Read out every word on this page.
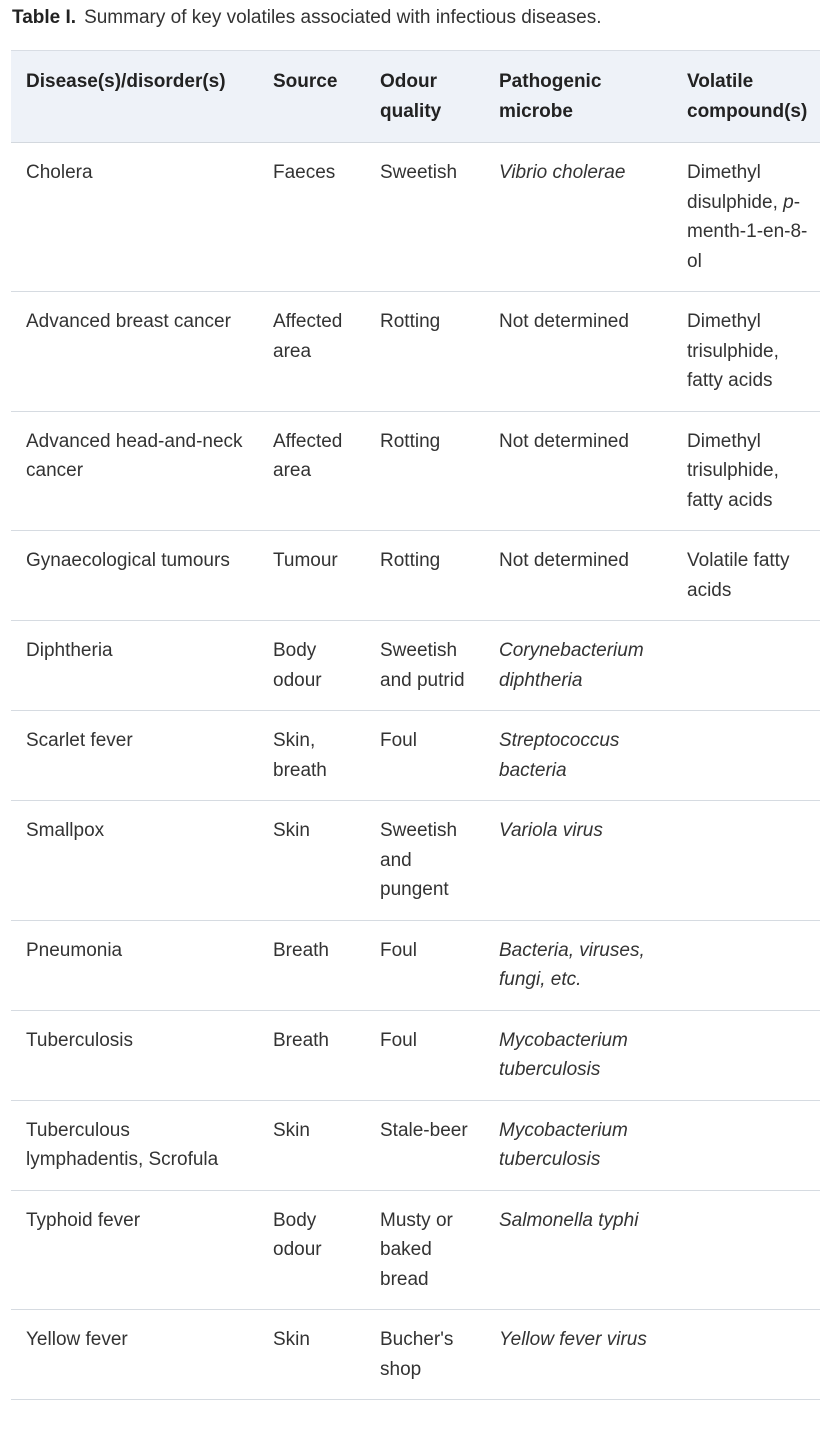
Table I. Summary of key volatiles associated with infectious diseases.
Disease(s)/disorder(s)	Source	Odour quality	Pathogenic microbe	Volatile compound(s)
Cholera	Faeces	Sweetish	Vibrio cholerae	Dimethyl disulphide, p-menth-1-en-8-ol
Advanced breast cancer	Affected area	Rotting	Not determined	Dimethyl trisulphide, fatty acids
Advanced head-and-neck cancer	Affected area	Rotting	Not determined	Dimethyl trisulphide, fatty acids
Gynaecological tumours	Tumour	Rotting	Not determined	Volatile fatty acids
Diphtheria	Body odour	Sweetish and putrid	Corynebacterium diphtheria	
Scarlet fever	Skin, breath	Foul	Streptococcus bacteria	
Smallpox	Skin	Sweetish and pungent	Variola virus	
Pneumonia	Breath	Foul	Bacteria, viruses, fungi, etc.	
Tuberculosis	Breath	Foul	Mycobacterium tuberculosis	
Tuberculous lymphadentis, Scrofula	Skin	Stale-beer	Mycobacterium tuberculosis	
Typhoid fever	Body odour	Musty or baked bread	Salmonella typhi	
Yellow fever	Skin	Bucher's shop	Yellow fever virus	
